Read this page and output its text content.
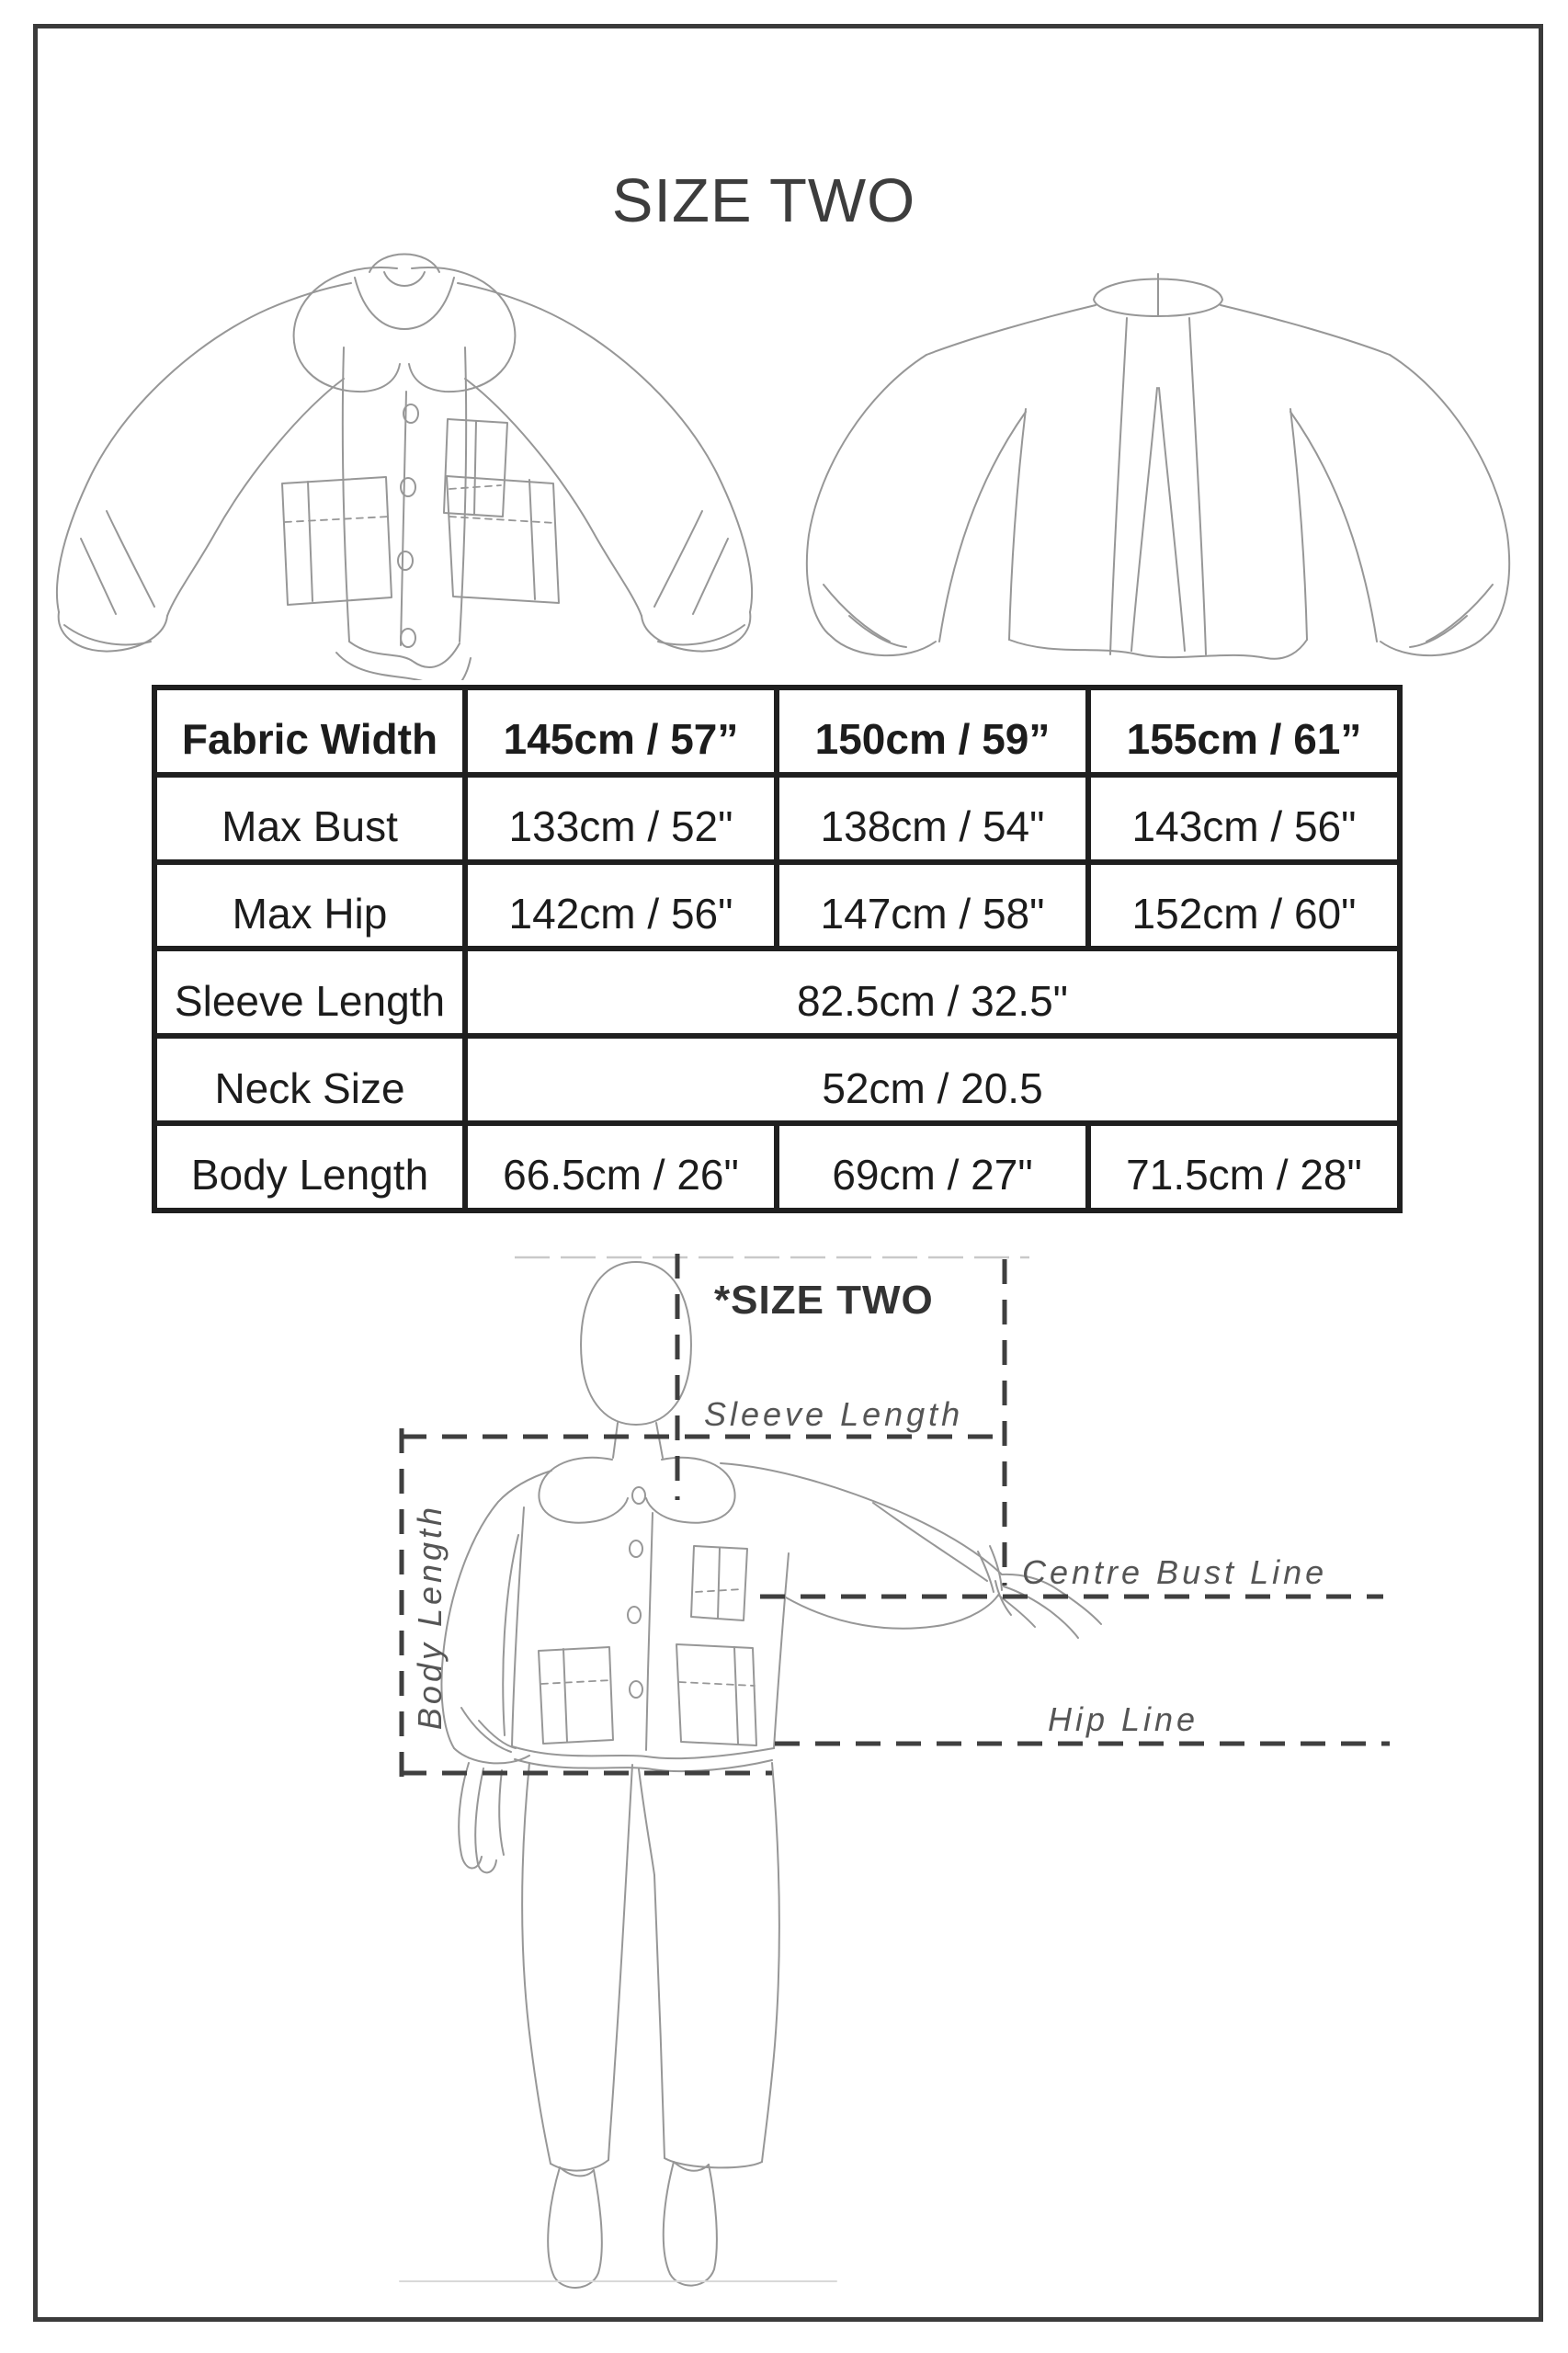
SIZE TWO
Fabric Width	145cm / 57”	150cm / 59”	155cm / 61”
Max Bust	133cm / 52"	138cm / 54"	143cm / 56"
Max Hip	142cm / 56"	147cm / 58"	152cm / 60"
Sleeve Length	82.5cm / 32.5"		
Neck Size	52cm / 20.5		
Body Length	66.5cm / 26"	69cm / 27"	71.5cm / 28"
*SIZE TWO
Sleeve Length
Body Length	Centre Bust Line
Hip Line
